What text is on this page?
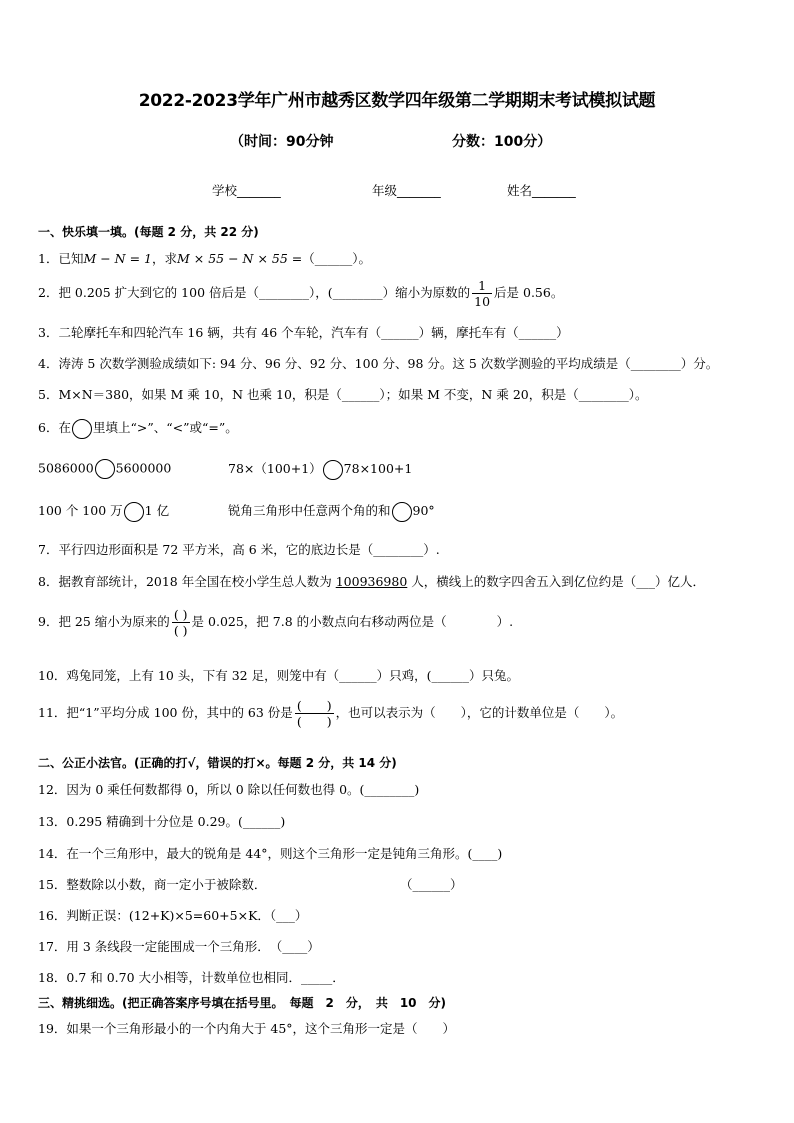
2022-2023学年广州市越秀区数学四年级第二学期期末考试模拟试题
（时间：90分钟	分数：100分）
学校_______	年级_______	姓名_______
一、快乐填一填。(每题 2 分，共 22 分)
1．已知M − N = 1，求M × 55 − N × 55 =（______）。
2．把 0.205 扩大到它的 100 倍后是（________），(________）缩小为原数的 $\frac{1}{10}$ 后是 0.56。
3．二轮摩托车和四轮汽车 16 辆，共有 46 个车轮，汽车有（______）辆，摩托车有（______）
4．涛涛 5 次数学测验成绩如下: 94 分、96 分、92 分、100 分、98 分。这 5 次数学测验的平均成绩是（________）分。
5．M×N＝380，如果 M 乘 10，N 也乘 10，积是（______）；如果 M 不变，N 乘 20，积是（________）。
6．在 里填上“>”、“<”或“=”。
5086000 5600000	78×（100+1） 78×100+1
100 个 100 万 1 亿	锐角三角形中任意两个角的和 90°
7．平行四边形面积是 72 平方米，高 6 米，它的底边长是（________）.
8．据教育部统计，2018 年全国在校小学生总人数为 100936980 人，横线上的数字四舍五入到亿位约是（___）亿人．
9．把 25 缩小为原来的 $\frac{( )}{( )}$ 是 0.025，把 7.8 的小数点向右移动两位是（　　　　）.
10．鸡兔同笼，上有 10 头，下有 32 足，则笼中有（______）只鸡，(______）只兔。
11．把“1”平均分成 100 份，其中的 63 份是 $\frac{( )}{( )}$ ，也可以表示为（　　），它的计数单位是（　　）。
二、公正小法官。(正确的打√，错误的打×。每题 2 分，共 14 分)
12．因为 0 乘任何数都得 0，所以 0 除以任何数也得 0。(________)
13．0.295 精确到十分位是 0.29。(______)
14．在一个三角形中，最大的锐角是 44°，则这个三角形一定是钝角三角形。(____)
15．整数除以小数，商一定小于被除数．	（______）
16．判断正误：(12+K)×5=60+5×K．（___）
17．用 3 条线段一定能围成一个三角形．　（____）
18．0.7 和 0.70 大小相等，计数单位也相同．_____．
三、精挑细选。(把正确答案序号填在括号里。　每题　2　分，　共　10　分)
19．如果一个三角形最小的一个内角大于 45°，这个三角形一定是（　　）
